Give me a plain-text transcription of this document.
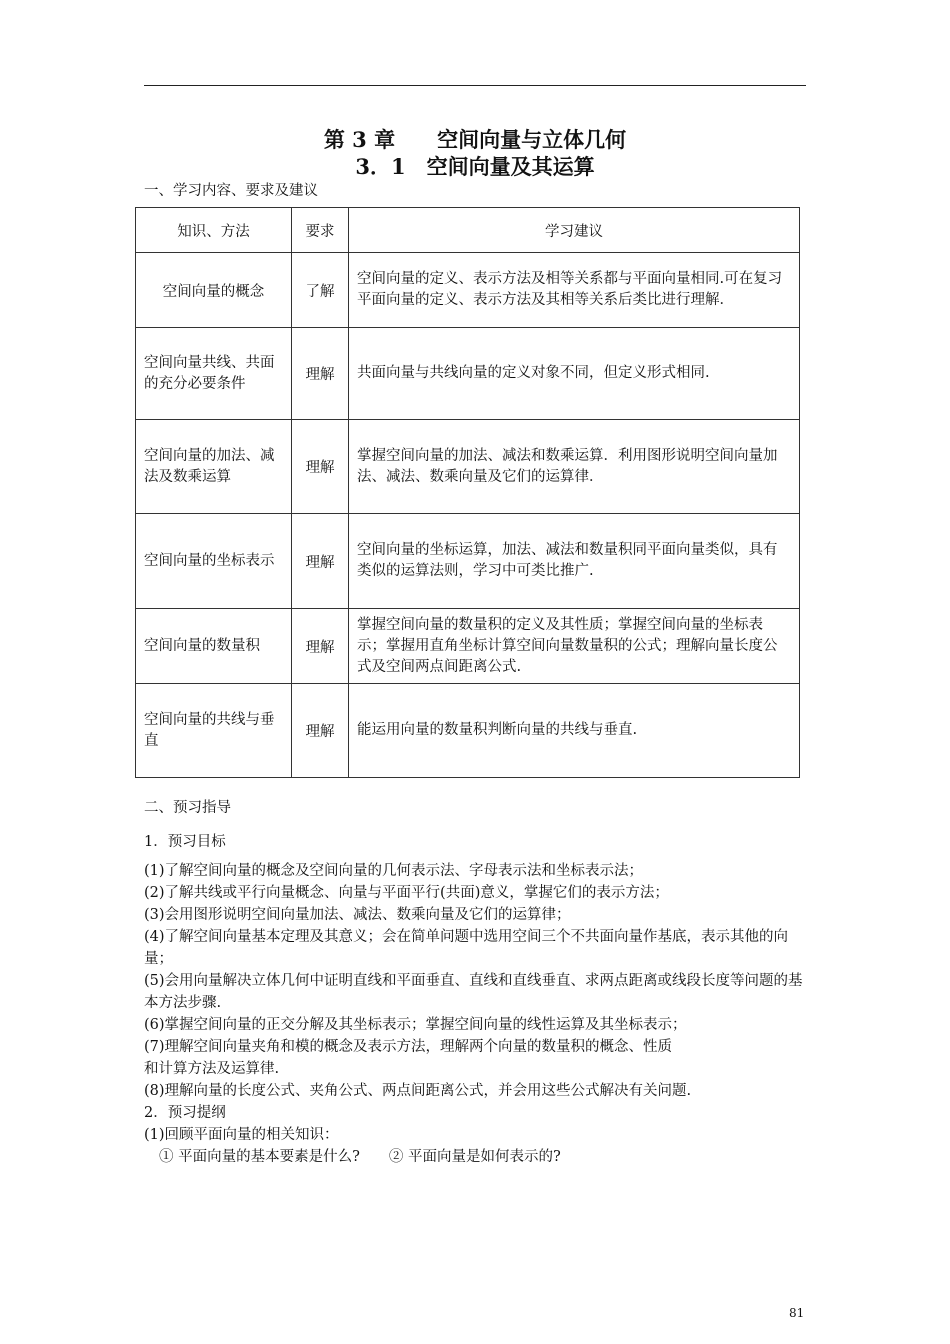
第 3 章　　空间向量与立体几何
3．1　空间向量及其运算
一、学习内容、要求及建议
知识、方法	要求	学习建议
空间向量的概念	了解	空间向量的定义、表示方法及相等关系都与平面向量相同.可在复习平面向量的定义、表示方法及其相等关系后类比进行理解．
空间向量共线、共面的充分必要条件	理解	共面向量与共线向量的定义对象不同，但定义形式相同.
空间向量的加法、减法及数乘运算	理解	掌握空间向量的加法、减法和数乘运算．利用图形说明空间向量加法、减法、数乘向量及它们的运算律．
空间向量的坐标表示	理解	空间向量的坐标运算，加法、减法和数量积同平面向量类似，具有类似的运算法则，学习中可类比推广.
空间向量的数量积	理解	掌握空间向量的数量积的定义及其性质；掌握空间向量的坐标表示；掌握用直角坐标计算空间向量数量积的公式；理解向量长度公式及空间两点间距离公式.
空间向量的共线与垂直	理解	能运用向量的数量积判断向量的共线与垂直.
二、预习指导
1．预习目标
(1)了解空间向量的概念及空间向量的几何表示法、字母表示法和坐标表示法；
(2)了解共线或平行向量概念、向量与平面平行(共面)意义，掌握它们的表示方法；
(3)会用图形说明空间向量加法、减法、数乘向量及它们的运算律；
(4)了解空间向量基本定理及其意义；会在简单问题中选用空间三个不共面向量作基底，表示其他的向量；
(5)会用向量解决立体几何中证明直线和平面垂直、直线和直线垂直、求两点距离或线段长度等问题的基本方法步骤.
(6)掌握空间向量的正交分解及其坐标表示；掌握空间向量的线性运算及其坐标表示；
(7)理解空间向量夹角和模的概念及表示方法，理解两个向量的数量积的概念、性质
和计算方法及运算律.
(8)理解向量的长度公式、夹角公式、两点间距离公式，并会用这些公式解决有关问题.
2．预习提纲
(1)回顾平面向量的相关知识：
① 平面向量的基本要素是什么?　　② 平面向量是如何表示的?
81
